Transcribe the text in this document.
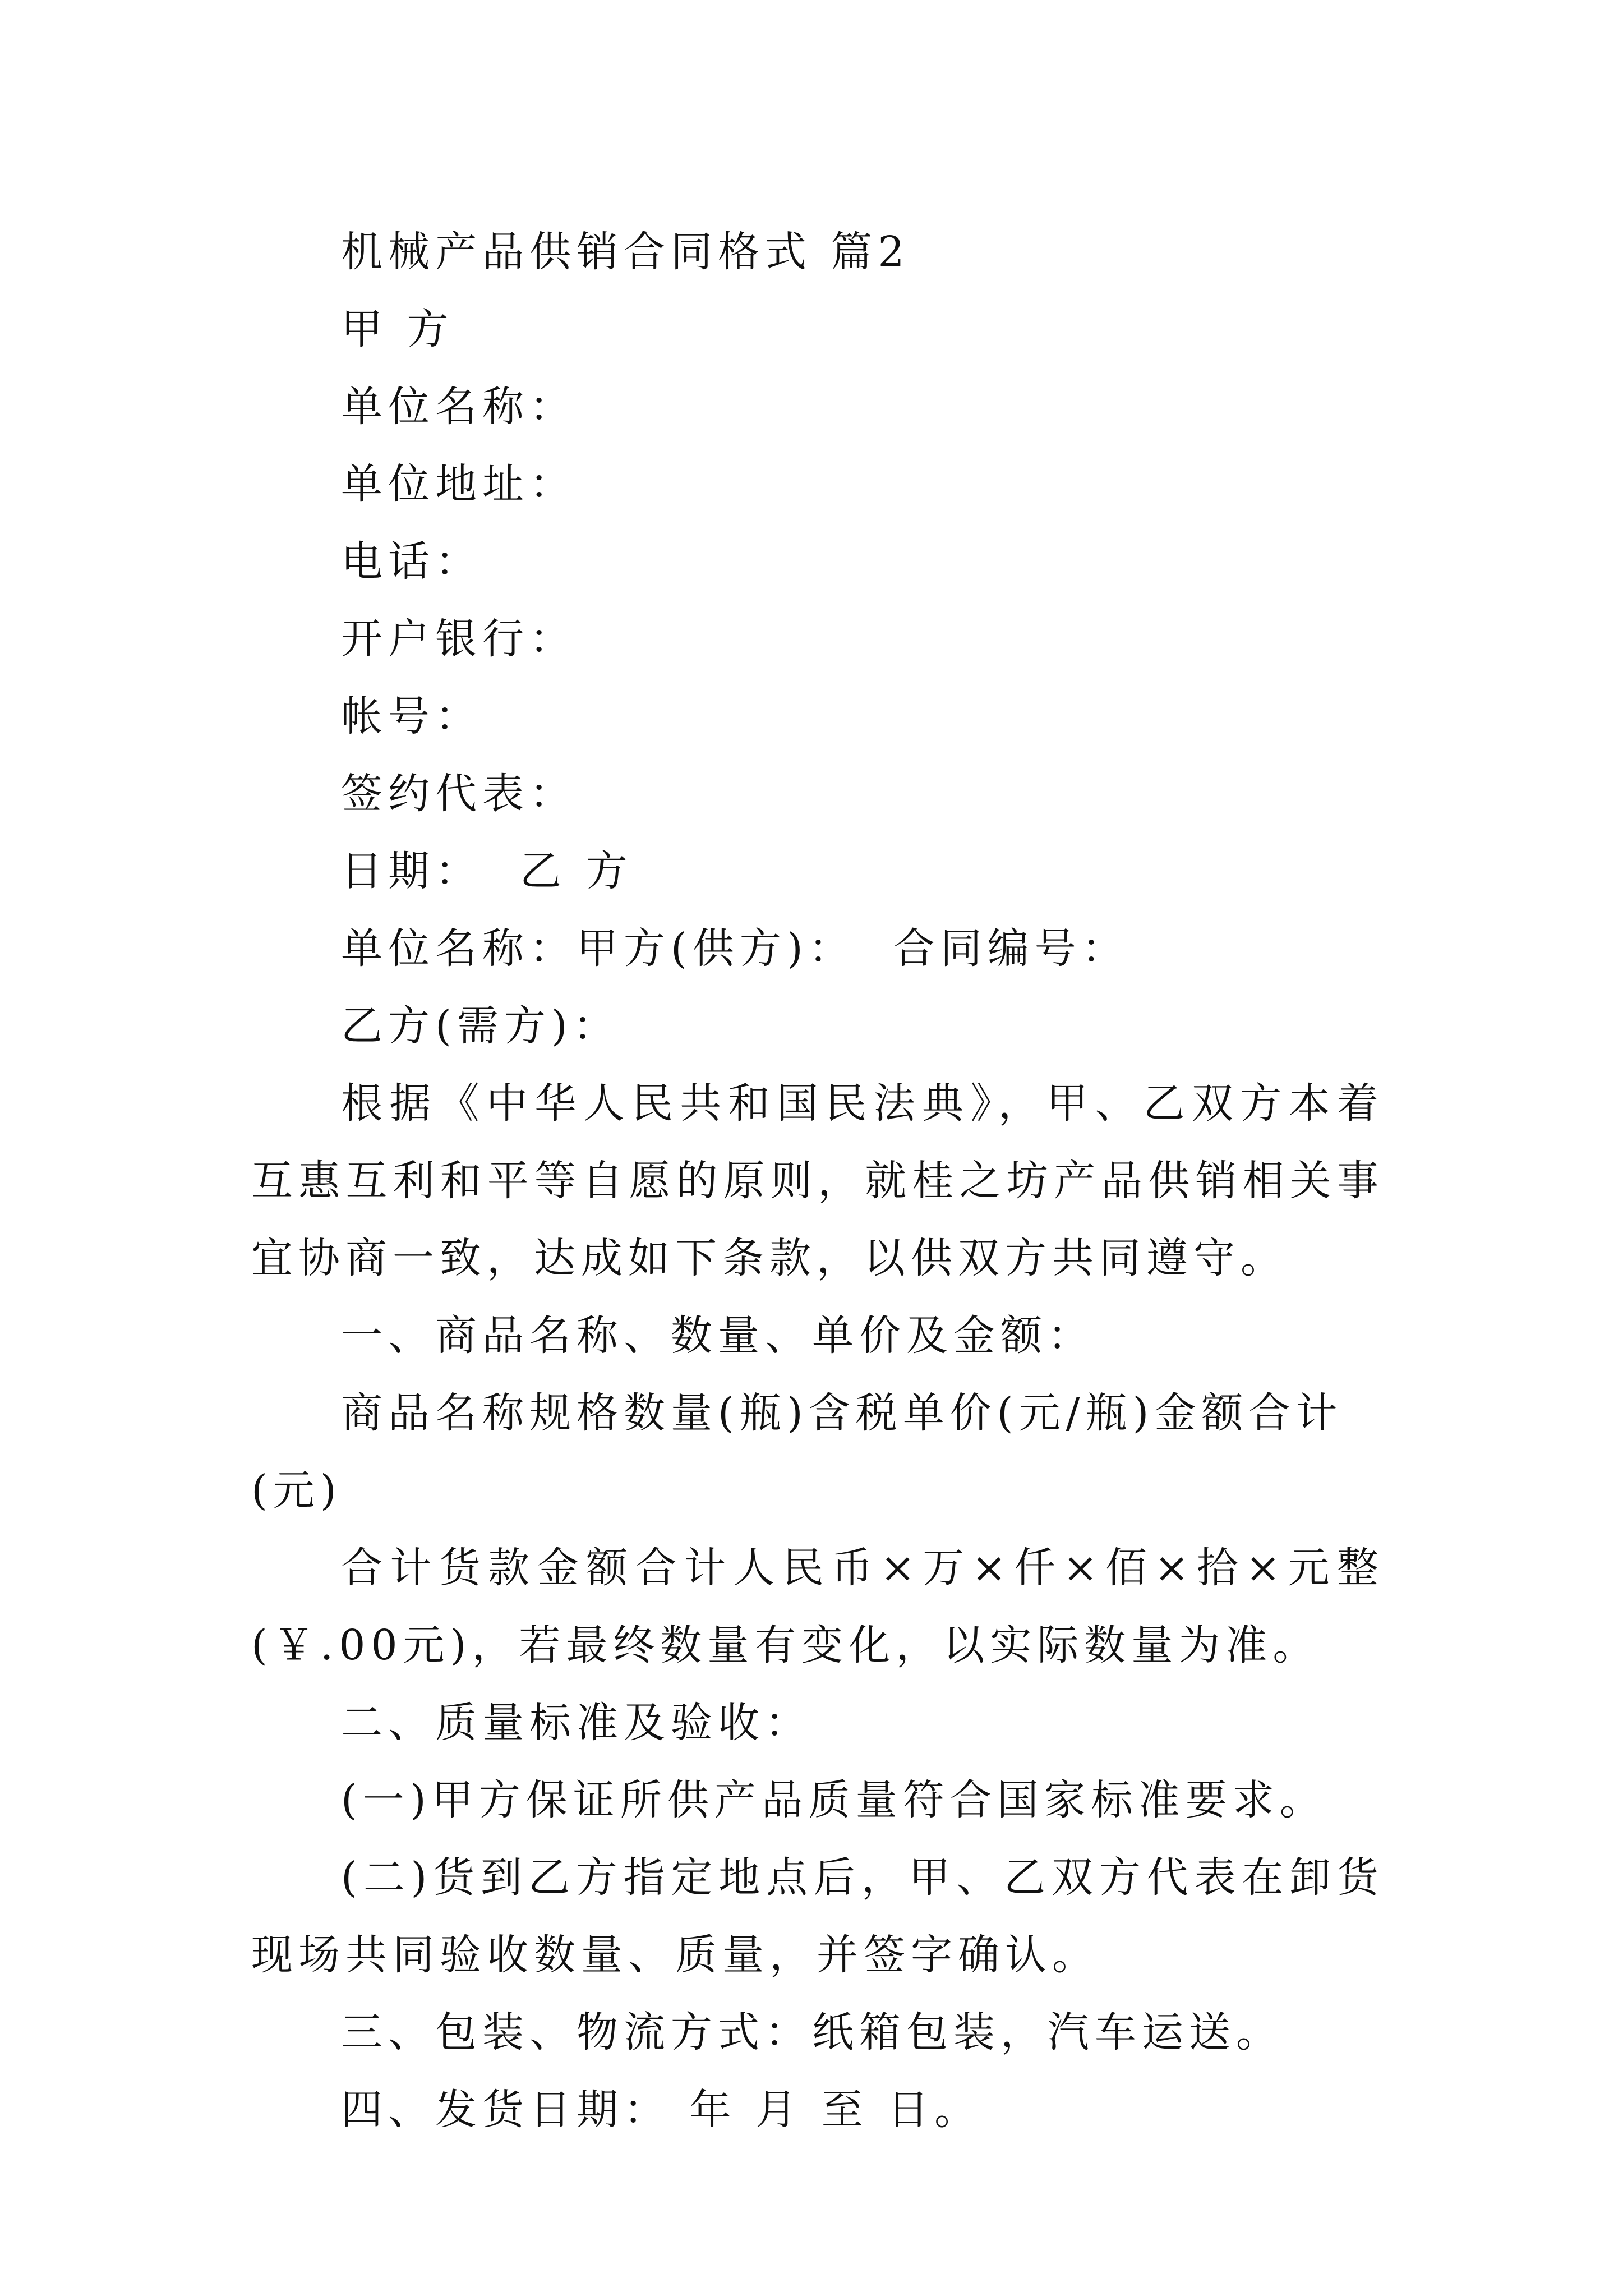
机械产品供销合同格式 篇2

甲 方

单位名称：

单位地址：

电话：

开户银行：

帐号：

签约代表：

日期：  乙 方

单位名称：甲方(供方)：  合同编号：

乙方(需方)：

根据《中华人民共和国民法典》，甲、乙双方本着互惠互利和平等自愿的原则，就桂之坊产品供销相关事宜协商一致，达成如下条款，以供双方共同遵守。

一、商品名称、数量、单价及金额：

商品名称规格数量(瓶)含税单价(元/瓶)金额合计(元)

合计货款金额合计人民币×万×仟×佰×拾×元整(￥.00元)，若最终数量有变化，以实际数量为准。

二、质量标准及验收：

(一)甲方保证所供产品质量符合国家标准要求。

(二)货到乙方指定地点后，甲、乙双方代表在卸货现场共同验收数量、质量，并签字确认。

三、包装、物流方式：纸箱包装，汽车运送。

四、发货日期： 年 月 至 日。
